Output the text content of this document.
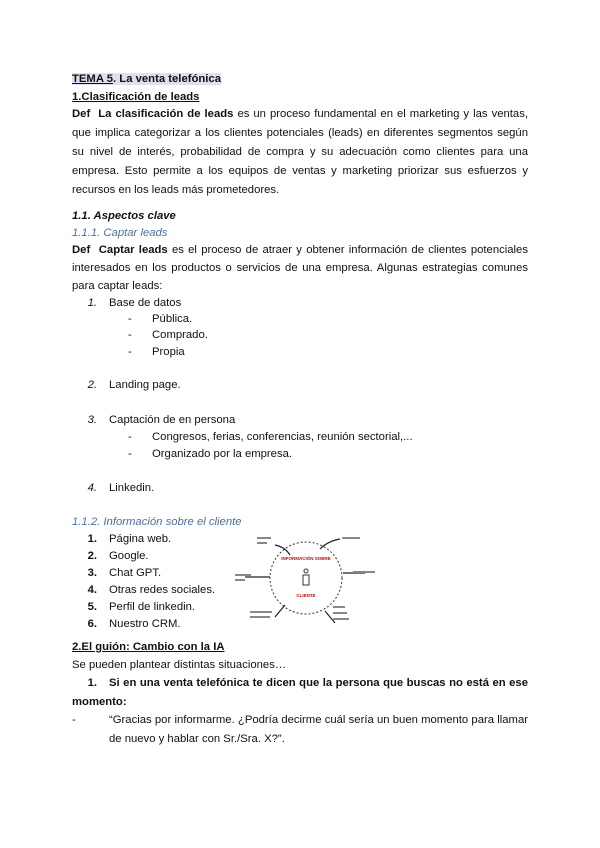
TEMA 5. La venta telefónica
1.Clasificación de leads
Def La clasificación de leads es un proceso fundamental en el marketing y las ventas, que implica categorizar a los clientes potenciales (leads) en diferentes segmentos según su nivel de interés, probabilidad de compra y su adecuación como clientes para una empresa. Esto permite a los equipos de ventas y marketing priorizar sus esfuerzos y recursos en los leads más prometedores.
1.1. Aspectos clave
1.1.1. Captar leads
Def Captar leads es el proceso de atraer y obtener información de clientes potenciales interesados en los productos o servicios de una empresa. Algunas estrategias comunes para captar leads:
1. Base de datos
- Pública.
- Comprado.
- Propia
2. Landing page.
3. Captación de en persona
- Congresos, ferias, conferencias, reunión sectorial,...
- Organizado por la empresa.
4. Linkedin.
1.1.2. Información sobre el cliente
1. Página web.
2. Google.
3. Chat GPT.
4. Otras redes sociales.
5. Perfil de linkedin.
6. Nuestro CRM.
INFORMACIÓN SOBRE
CLIENTE
2.El guión: Cambio con la IA
Se pueden plantear distintas situaciones…
1. Si en una venta telefónica te dicen que la persona que buscas no está en ese momento:
-	“Gracias por informarme. ¿Podría decirme cuál sería un buen momento para llamar de nuevo y hablar con Sr./Sra. X?”.
